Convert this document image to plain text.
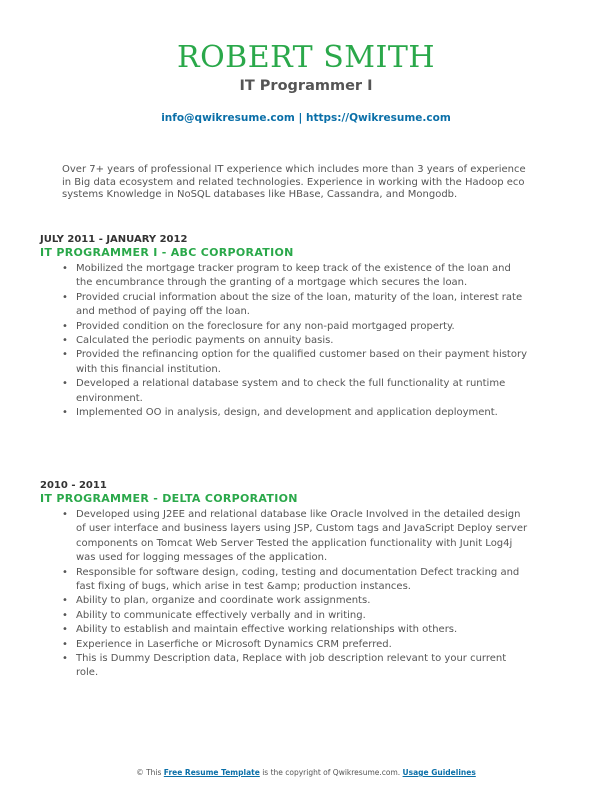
ROBERT SMITH
IT Programmer I
info@qwikresume.com | https://Qwikresume.com
Over 7+ years of professional IT experience which includes more than 3 years of experience in Big data ecosystem and related technologies. Experience in working with the Hadoop eco systems Knowledge in NoSQL databases like HBase, Cassandra, and Mongodb.
JULY 2011 - JANUARY 2012
IT PROGRAMMER I - ABC CORPORATION
• Mobilized the mortgage tracker program to keep track of the existence of the loan and the encumbrance through the granting of a mortgage which secures the loan.
• Provided crucial information about the size of the loan, maturity of the loan, interest rate and method of paying off the loan.
• Provided condition on the foreclosure for any non-paid mortgaged property.
• Calculated the periodic payments on annuity basis.
• Provided the refinancing option for the qualified customer based on their payment history with this financial institution.
• Developed a relational database system and to check the full functionality at runtime environment.
• Implemented OO in analysis, design, and development and application deployment.
2010 - 2011
IT PROGRAMMER - DELTA CORPORATION
• Developed using J2EE and relational database like Oracle Involved in the detailed design of user interface and business layers using JSP, Custom tags and JavaScript Deploy server components on Tomcat Web Server Tested the application functionality with Junit Log4j was used for logging messages of the application.
• Responsible for software design, coding, testing and documentation Defect tracking and fast fixing of bugs, which arise in test &amp; production instances.
• Ability to plan, organize and coordinate work assignments.
• Ability to communicate effectively verbally and in writing.
• Ability to establish and maintain effective working relationships with others.
• Experience in Laserfiche or Microsoft Dynamics CRM preferred.
• This is Dummy Description data, Replace with job description relevant to your current role.
© This Free Resume Template is the copyright of Qwikresume.com. Usage Guidelines
